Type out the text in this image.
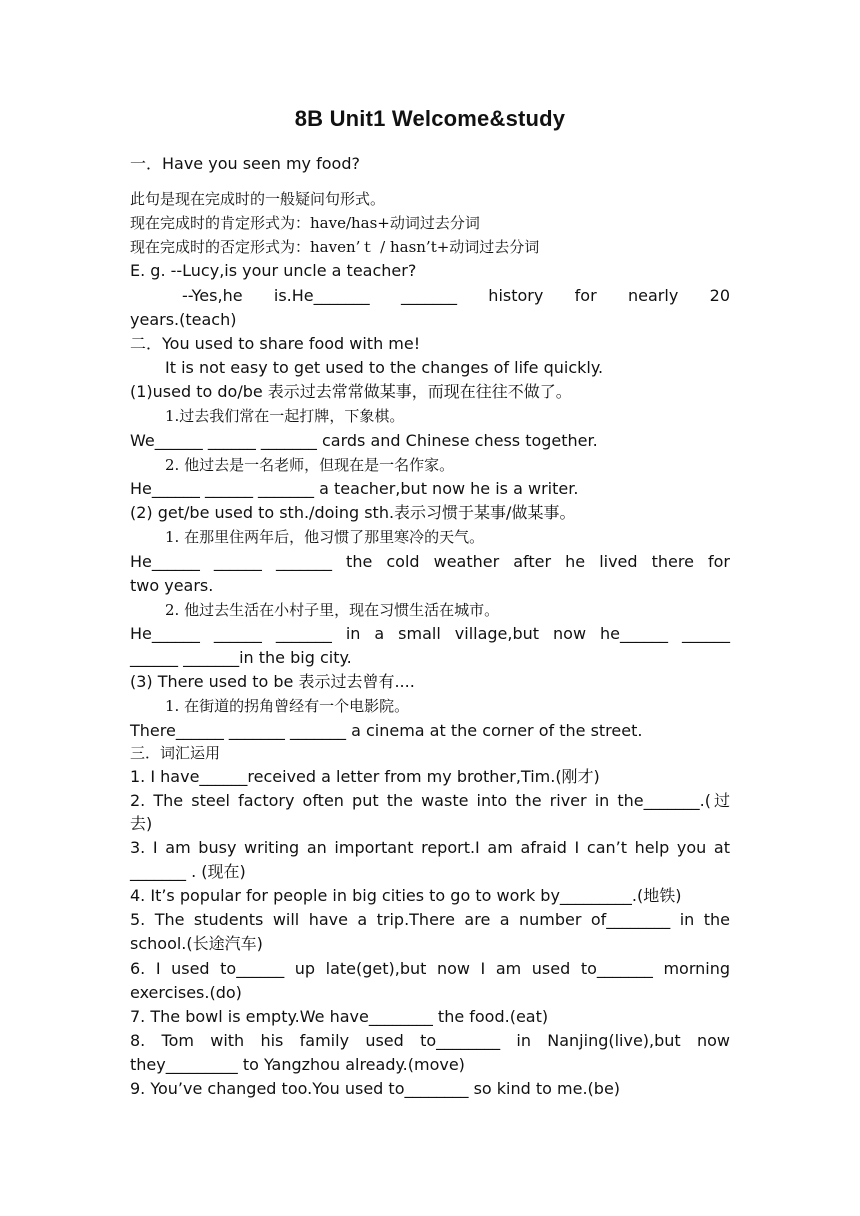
8B Unit1 Welcome&study
一．Have you seen my food?
此句是现在完成时的一般疑问句形式。
现在完成时的肯定形式为：have/has+动词过去分词
现在完成时的否定形式为：haven’ｔ / hasn’t+动词过去分词
E. g. --Lucy,is your uncle a teacher?
--Yes,he is.He_______ _______ history for nearly 20
years.(teach)
二．You used to share food with me!
It is not easy to get used to the changes of life quickly.
(1)used to do/be 表示过去常常做某事，而现在往往不做了。
1.过去我们常在一起打牌，下象棋。
We______ ______ _______ cards and Chinese chess together.
2. 他过去是一名老师，但现在是一名作家。
He______ ______ _______ a teacher,but now he is a writer.
(2) get/be used to sth./doing sth.表示习惯于某事/做某事。
1. 在那里住两年后，他习惯了那里寒冷的天气。
He______ ______ _______ the cold weather after he lived there for
two years.
2. 他过去生活在小村子里，现在习惯生活在城市。
He______ ______ _______ in a small village,but now he______ ______
______ _______in the big city.
(3) There used to be 表示过去曾有....
1. 在街道的拐角曾经有一个电影院。
There______ _______ _______ a cinema at the corner of the street.
三．词汇运用
1. I have______received a letter from my brother,Tim.(刚才)
2. The steel factory often put the waste into the river in the_______.(过
去)
3. I am busy writing an important report.I am afraid I can’t help you at
_______ . (现在)
4. It’s popular for people in big cities to go to work by_________.(地铁)
5. The students will have a trip.There are a number of________ in the
school.(长途汽车)
6. I used to______ up late(get),but now I am used to_______ morning
exercises.(do)
7. The bowl is empty.We have________ the food.(eat)
8. Tom with his family used to________ in Nanjing(live),but now
they_________ to Yangzhou already.(move)
9. You’ve changed too.You used to________ so kind to me.(be)
